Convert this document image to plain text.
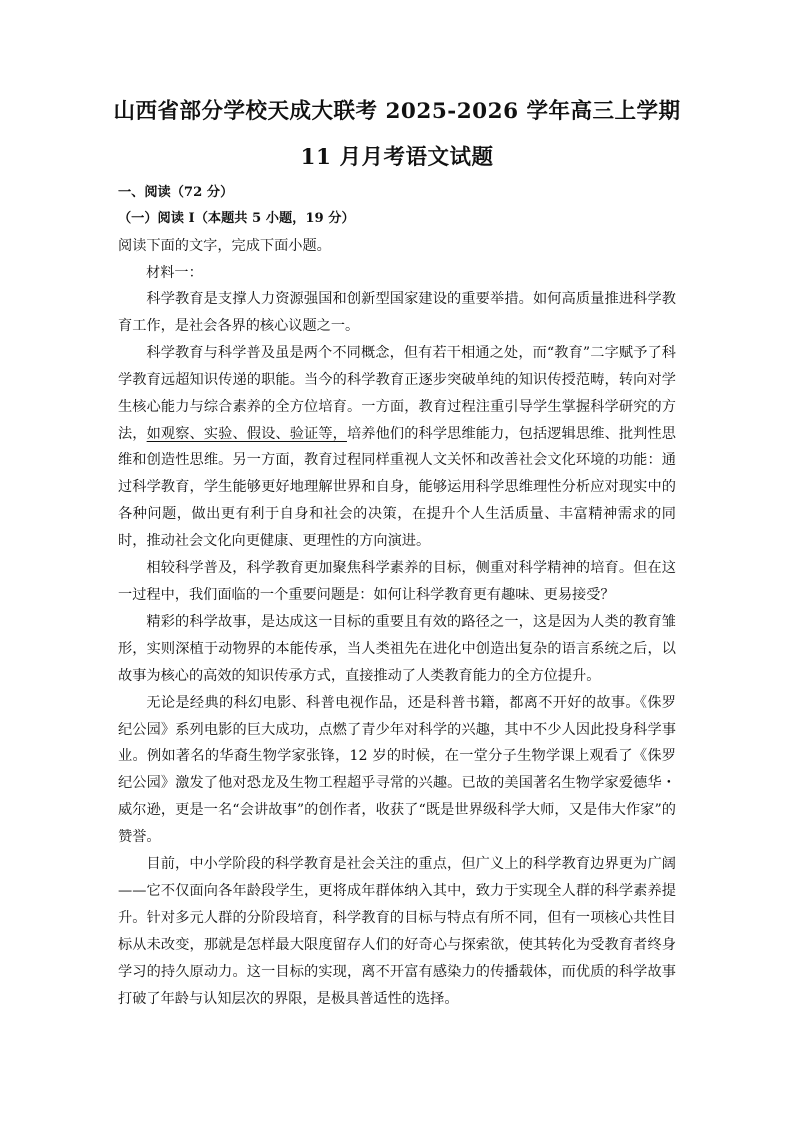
山西省部分学校天成大联考 2025-2026 学年高三上学期
11 月月考语文试题

一、阅读（72 分）

（一）阅读 I（本题共 5 小题，19 分）

阅读下面的文字，完成下面小题。

材料一：

科学教育是支撑人力资源强国和创新型国家建设的重要举措。如何高质量推进科学教育工作，是社会各界的核心议题之一。

科学教育与科学普及虽是两个不同概念，但有若干相通之处，而“教育”二字赋予了科学教育远超知识传递的职能。当今的科学教育正逐步突破单纯的知识传授范畴，转向对学生核心能力与综合素养的全方位培育。一方面，教育过程注重引导学生掌握科学研究的方法，如观察、实验、假设、验证等，培养他们的科学思维能力，包括逻辑思维、批判性思维和创造性思维。另一方面，教育过程同样重视人文关怀和改善社会文化环境的功能：通过科学教育，学生能够更好地理解世界和自身，能够运用科学思维理性分析应对现实中的各种问题，做出更有利于自身和社会的决策，在提升个人生活质量、丰富精神需求的同时，推动社会文化向更健康、更理性的方向演进。

相较科学普及，科学教育更加聚焦科学素养的目标，侧重对科学精神的培育。但在这一过程中，我们面临的一个重要问题是：如何让科学教育更有趣味、更易接受？

精彩的科学故事，是达成这一目标的重要且有效的路径之一，这是因为人类的教育雏形，实则深植于动物界的本能传承，当人类祖先在进化中创造出复杂的语言系统之后，以故事为核心的高效的知识传承方式，直接推动了人类教育能力的全方位提升。

无论是经典的科幻电影、科普电视作品，还是科普书籍，都离不开好的故事。《侏罗纪公园》系列电影的巨大成功，点燃了青少年对科学的兴趣，其中不少人因此投身科学事业。例如著名的华裔生物学家张锋，12 岁的时候，在一堂分子生物学课上观看了《侏罗纪公园》激发了他对恐龙及生物工程超乎寻常的兴趣。已故的美国著名生物学家爱德华・威尔逊，更是一名“会讲故事”的创作者，收获了“既是世界级科学大师，又是伟大作家”的赞誉。

目前，中小学阶段的科学教育是社会关注的重点，但广义上的科学教育边界更为广阔——它不仅面向各年龄段学生，更将成年群体纳入其中，致力于实现全人群的科学素养提升。针对多元人群的分阶段培育，科学教育的目标与特点有所不同，但有一项核心共性目标从未改变，那就是怎样最大限度留存人们的好奇心与探索欲，使其转化为受教育者终身学习的持久原动力。这一目标的实现，离不开富有感染力的传播载体，而优质的科学故事打破了年龄与认知层次的界限，是极具普适性的选择。
